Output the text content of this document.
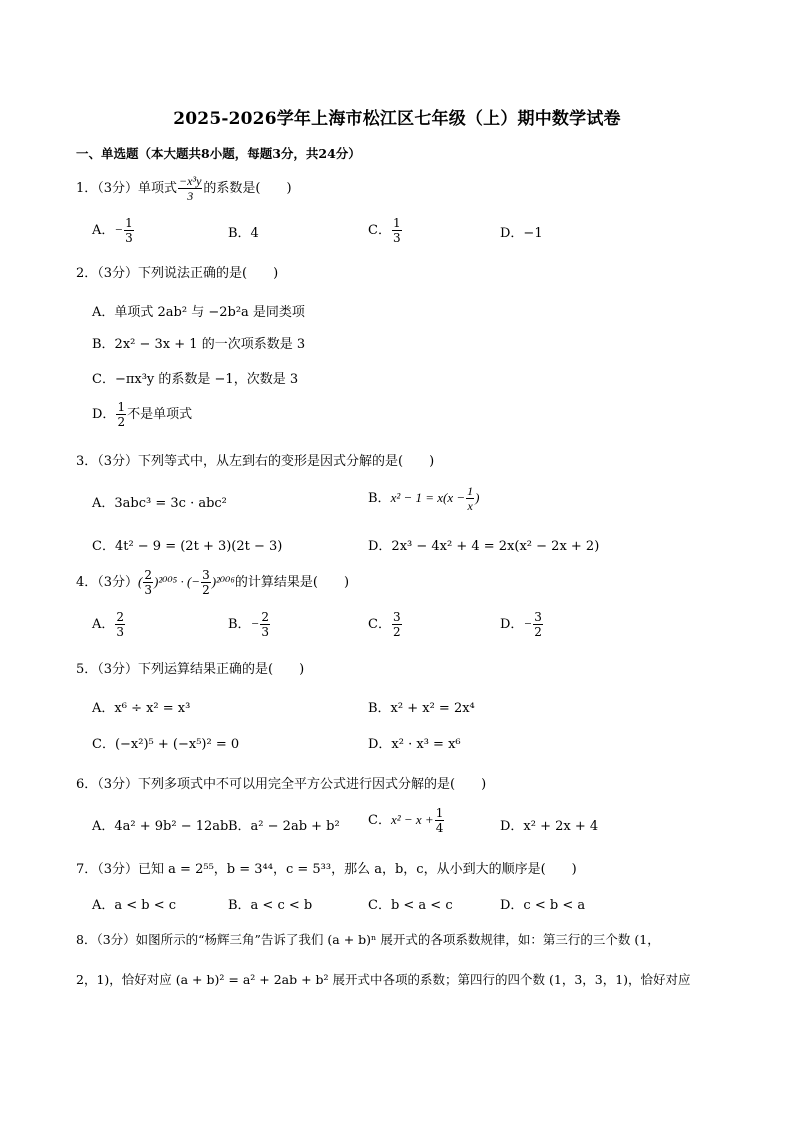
2025-2026学年上海市松江区七年级（上）期中数学试卷
一、单选题（本大题共8小题，每题3分，共24分）
1．（3分）单项式 $\frac{\text{−x³y}}{3}$ 的系数是(　　)
A．− $\frac{1}{3}$	B．4	C． $\frac{1}{3}$	D．−1
2．（3分）下列说法正确的是(　　)
A．单项式 2ab² 与 −2b²a 是同类项
B．2x² − 3x + 1 的一次项系数是 3
C．−πx³y 的系数是 −1，次数是 3
D． $\frac{1}{2}$ 不是单项式
3．（3分）下列等式中，从左到右的变形是因式分解的是(　　)
A．3abc³ = 3c · abc²	B．$x^2 - 1 = x(x - \frac{1}{x}$ )
C．4t² − 9 = (2t + 3)(2t − 3)	D．2x³ − 4x² + 4 = 2x(x² − 2x + 2)
4．（3分）( $\frac{2}{3} )^{2005}$ · (− $\frac{3}{2} )^{2006}$的计算结果是(　　)
A． $\frac{2}{3}$	B．− $\frac{2}{3}$	C． $\frac{3}{2}$	D．− $\frac{3}{2}$
5．（3分）下列运算结果正确的是(　　)
A．x⁶ ÷ x² = x³	B．x² + x² = 2x⁴
C．(−x²)⁵ + (−x⁵)² = 0	D．x² · x³ = x⁶
6．（3分）下列多项式中不可以用完全平方公式进行因式分解的是(　　)
A．4a² + 9b² − 12ab B．a² − 2ab + b² C．$x^2 - x + \frac{1}{4}$	D．x² + 2x + 4
7．（3分）已知 a = 2⁵⁵，b = 3⁴⁴，c = 5³³，那么 a，b，c，从小到大的顺序是(　　)
A．a < b < c	B．a < c < b	C．b < a < c	D．c < b < a
8．（3分）如图所示的“杨辉三角”告诉了我们 (a + b)ⁿ 展开式的各项系数规律，如：第三行的三个数 (1，
2，1)，恰好对应 (a + b)² = a² + 2ab + b² 展开式中各项的系数；第四行的四个数 (1，3，3，1)，恰好对应
